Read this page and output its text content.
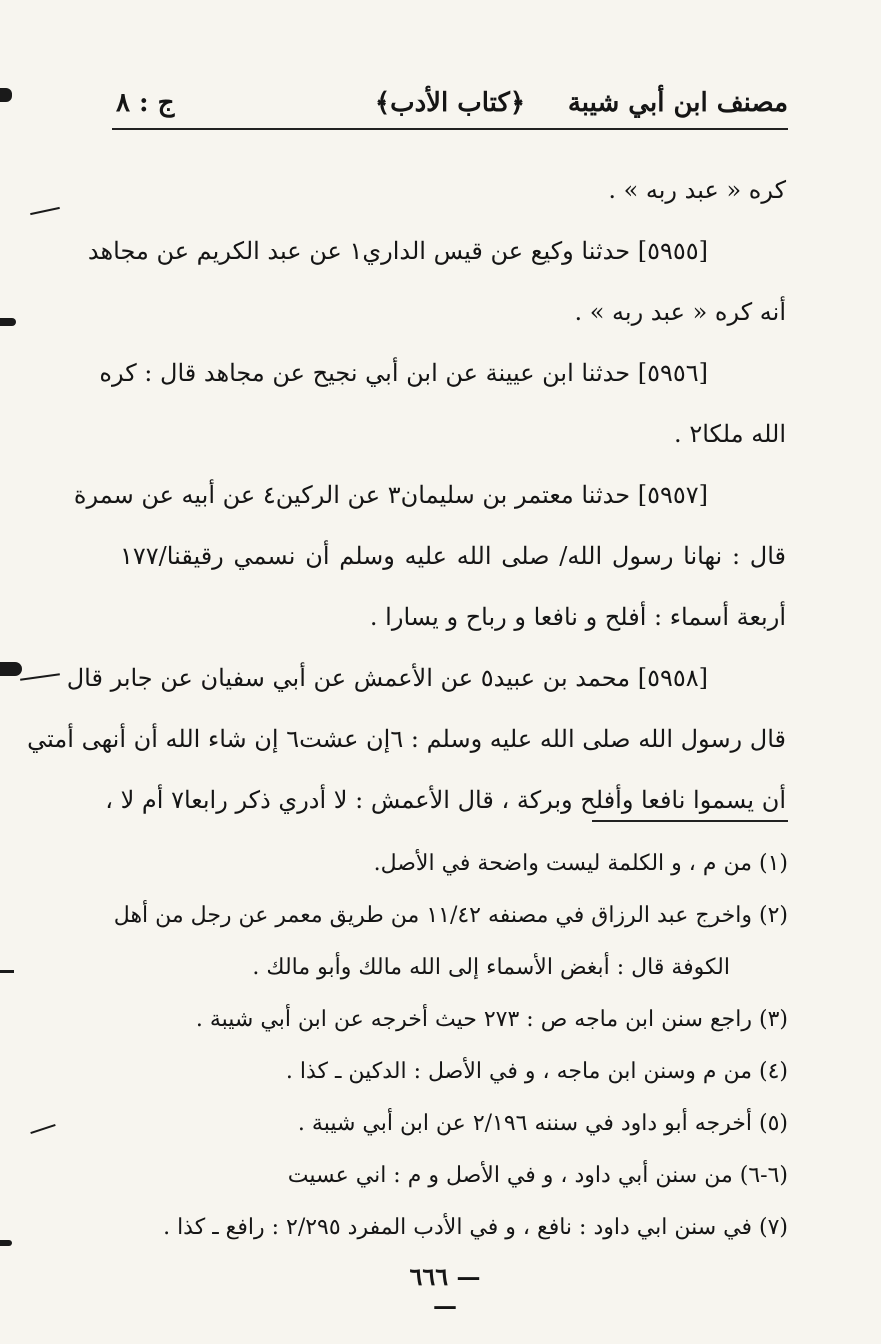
مصنف ابن أبي شيبة
﴿كتاب الأدب﴾
ج : ٨
كره « عبد ربه » .
[٥٩٥٥] حدثنا وكيع عن قيس الداري١ عن عبد الكريم عن مجاهد
أنه كره « عبد ربه » .
[٥٩٥٦] حدثنا ابن عيينة عن ابن أبي نجيح عن مجاهد قال : كره
الله ملكا٢ .
[٥٩٥٧] حدثنا معتمر بن سليمان٣ عن الركين٤ عن أبيه عن سمرة
١٧٧/ قال : نهانا رسول الله/ صلى الله عليه وسلم أن نسمي رقيقنا
أربعة أسماء : أفلح و نافعا و رباح و يسارا .
[٥٩٥٨] محمد بن عبيد٥ عن الأعمش عن أبي سفيان عن جابر قال
قال رسول الله صلى الله عليه وسلم : ٦إن عشت٦ إن شاء الله أن أنهى أمتي
أن يسموا نافعا وأفلح وبركة ، قال الأعمش : لا أدري ذكر رابعا٧ أم لا ،
(١) من م ، و الكلمة ليست واضحة في الأصل.
(٢) واخرج عبد الرزاق في مصنفه ١١/٤٢ من طريق معمر عن رجل من أهل
الكوفة قال : أبغض الأسماء إلى الله مالك وأبو مالك .
(٣) راجع سنن ابن ماجه ص : ٢٧٣ حيث أخرجه عن ابن أبي شيبة .
(٤) من م وسنن ابن ماجه ، و في الأصل : الدكين ـ كذا .
(٥) أخرجه أبو داود في سننه ٢/١٩٦ عن ابن أبي شيبة .
(٦-٦) من سنن أبي داود ، و في الأصل و م : اني عسيت
(٧) في سنن ابي داود : نافع ، و في الأدب المفرد ٢/٢٩٥ : رافع ـ كذا .
— ٦٦٦ —
